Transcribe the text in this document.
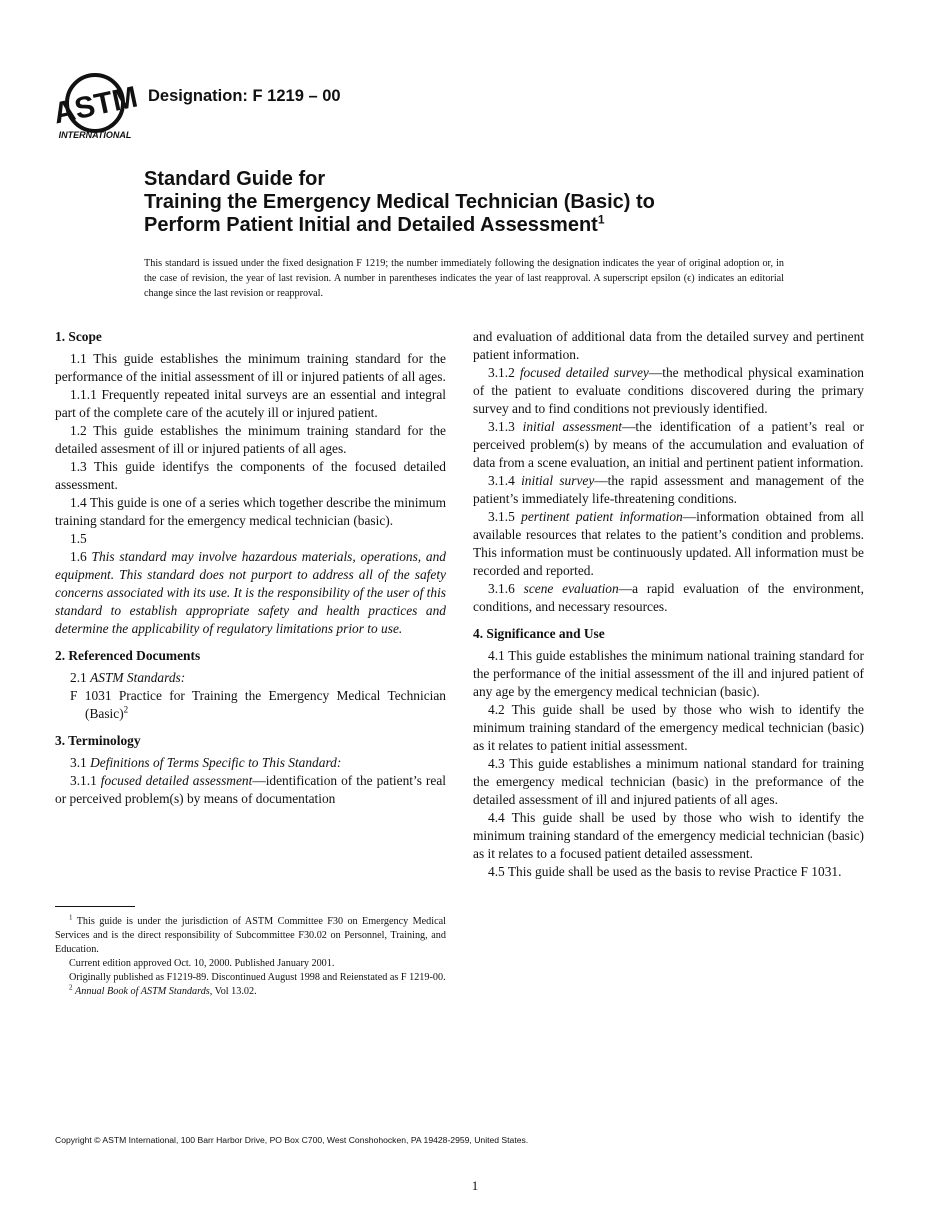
ASTM
INTERNATIONAL
Designation: F 1219 – 00
Standard Guide for
Training the Emergency Medical Technician (Basic) to
Perform Patient Initial and Detailed Assessment$^1$
This standard is issued under the fixed designation F 1219; the number immediately following the designation indicates the year of original adoption or, in the case of revision, the year of last revision. A number in parentheses indicates the year of last reapproval. A superscript epsilon (ϵ) indicates an editorial change since the last revision or reapproval.
1. Scope

1.1 This guide establishes the minimum training standard for the performance of the initial assessment of ill or injured patients of all ages.

1.1.1 Frequently repeated inital surveys are an essential and integral part of the complete care of the acutely ill or injured patient.

1.2 This guide establishes the minimum training standard for the detailed assesment of ill or injured patients of all ages.

1.3 This guide identifys the components of the focused detailed assessment.

1.4 This guide is one of a series which together describe the minimum training standard for the emergency medical technician (basic).

1.5

1.6 This standard may involve hazardous materials, operations, and equipment. This standard does not purport to address all of the safety concerns associated with its use. It is the responsibility of the user of this standard to establish appropriate safety and health practices and determine the applicability of regulatory limitations prior to use.

2. Referenced Documents

2.1 ASTM Standards:

F 1031 Practice for Training the Emergency Medical Technician (Basic)$^2$

3. Terminology

3.1 Definitions of Terms Specific to This Standard:

3.1.1 focused detailed assessment—identification of the patient’s real or perceived problem(s) by means of documentation

$^1$ This guide is under the jurisdiction of ASTM Committee F30 on Emergency Medical Services and is the direct responsibility of Subcommittee F30.02 on Personnel, Training, and Education.

Current edition approved Oct. 10, 2000. Published January 2001.

Originally published as F1219-89. Discontinued August 1998 and Reienstated as F 1219-00.

$^2$ Annual Book of ASTM Standards, Vol 13.02.

and evaluation of additional data from the detailed survey and pertinent patient information.

3.1.2 focused detailed survey—the methodical physical examination of the patient to evaluate conditions discovered during the primary survey and to find conditions not previously identified.

3.1.3 initial assessment—the identification of a patient’s real or perceived problem(s) by means of the accumulation and evaluation of data from a scene evaluation, an initial and pertinent patient information.

3.1.4 initial survey—the rapid assessment and management of the patient’s immediately life-threatening conditions.

3.1.5 pertinent patient information—information obtained from all available resources that relates to the patient’s condition and problems. This information must be continuously updated. All information must be recorded and reported.

3.1.6 scene evaluation—a rapid evaluation of the environment, conditions, and necessary resources.

4. Significance and Use

4.1 This guide establishes the minimum national training standard for the performance of the initial assessment of the ill and injured patient of any age by the emergency medical technician (basic).

4.2 This guide shall be used by those who wish to identify the minimum training standard of the emergency medical technician (basic) as it relates to patient initial assessment.

4.3 This guide establishes a minimum national standard for training the emergency medical technician (basic) in the preformance of the detailed assessment of ill and injured patients of all ages.

4.4 This guide shall be used by those who wish to identify the minimum training standard of the emergency medicial technician (basic) as it relates to a focused patient detailed assessment.

4.5 This guide shall be used as the basis to revise Practice F 1031.

Copyright © ASTM International, 100 Barr Harbor Drive, PO Box C700, West Conshohocken, PA 19428-2959, United States.
1
